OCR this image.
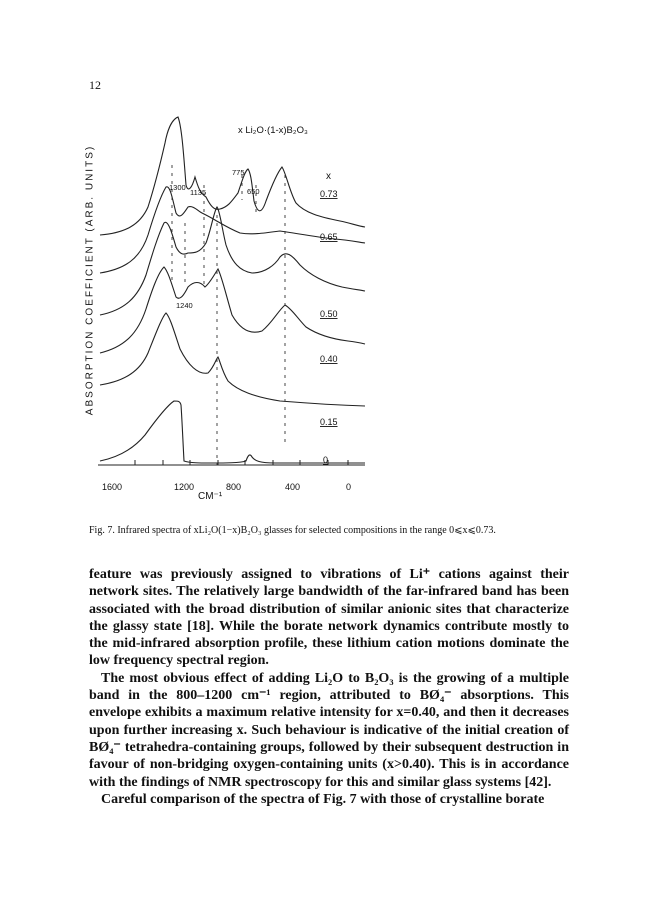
12
ABSORPTION COEFFICIENT (ARB. UNITS)
1600	1200	800	400	0
CM⁻¹
x Li₂O·(1-x)B₂O₃
x
0.73
0.65
0.50
0.40
0.15
0
1300
1135
775
650
1240
Fig. 7. Infrared spectra of xLi₂O(1−x)B₂O₃ glasses for selected compositions in the range 0⩽x⩽0.73.

feature was previously assigned to vibrations of Li⁺ cations against their network sites. The relatively large bandwidth of the far-infrared band has been associated with the broad distribution of similar anionic sites that characterize the glassy state [18]. While the borate network dynamics contribute mostly to the mid-infrared absorption profile, these lithium cation motions dominate the low frequency spectral region.

The most obvious effect of adding Li₂O to B₂O₃ is the growing of a multiple band in the 800–1200 cm⁻¹ region, attributed to BØ₄⁻ absorptions. This envelope exhibits a maximum relative intensity for x=0.40, and then it decreases upon further increasing x. Such behaviour is indicative of the initial creation of BØ₄⁻ tetrahedra-containing groups, followed by their subsequent destruction in favour of non-bridging oxygen-containing units (x>0.40). This is in accordance with the findings of NMR spectroscopy for this and similar glass systems [42].

Careful comparison of the spectra of Fig. 7 with those of crystalline borate
